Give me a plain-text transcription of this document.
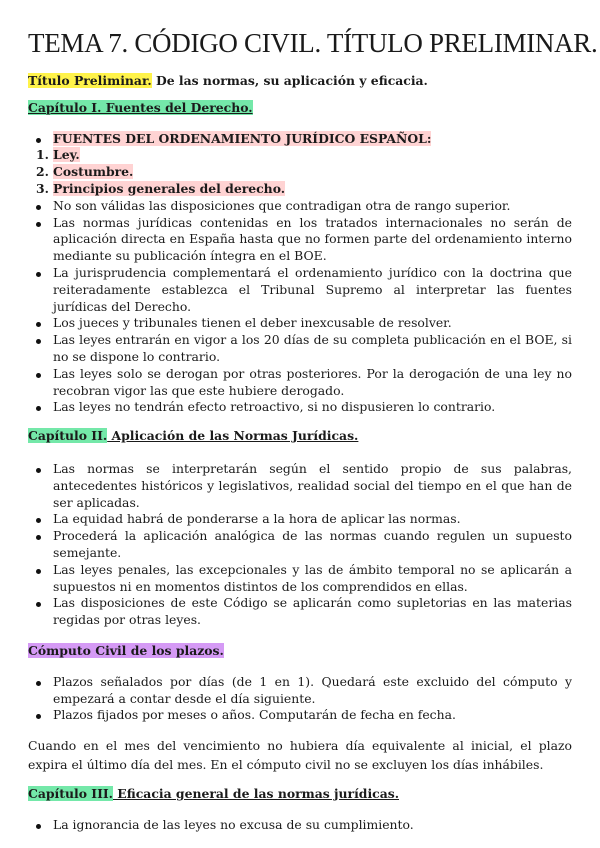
TEMA 7. CÓDIGO CIVIL. TÍTULO PRELIMINAR.

Título Preliminar. De las normas, su aplicación y eficacia.

Capítulo I. Fuentes del Derecho.

FUENTES DEL ORDENAMIENTO JURÍDICO ESPAÑOL:
1. Ley.
2. Costumbre.
3. Principios generales del derecho.
No son válidas las disposiciones que contradigan otra de rango superior.
Las normas jurídicas contenidas en los tratados internacionales no serán de aplicación directa en España hasta que no formen parte del ordenamiento interno mediante su publicación íntegra en el BOE.
La jurisprudencia complementará el ordenamiento jurídico con la doctrina que reiteradamente establezca el Tribunal Supremo al interpretar las fuentes jurídicas del Derecho.
Los jueces y tribunales tienen el deber inexcusable de resolver.
Las leyes entrarán en vigor a los 20 días de su completa publicación en el BOE, si no se dispone lo contrario.
Las leyes solo se derogan por otras posteriores. Por la derogación de una ley no recobran vigor las que este hubiere derogado.
Las leyes no tendrán efecto retroactivo, si no dispusieren lo contrario.

Capítulo II. Aplicación de las Normas Jurídicas.

Las normas se interpretarán según el sentido propio de sus palabras, antecedentes históricos y legislativos, realidad social del tiempo en el que han de ser aplicadas.
La equidad habrá de ponderarse a la hora de aplicar las normas.
Procederá la aplicación analógica de las normas cuando regulen un supuesto semejante.
Las leyes penales, las excepcionales y las de ámbito temporal no se aplicarán a supuestos ni en momentos distintos de los comprendidos en ellas.
Las disposiciones de este Código se aplicarán como supletorias en las materias regidas por otras leyes.

Cómputo Civil de los plazos.

Plazos señalados por días (de 1 en 1). Quedará este excluido del cómputo y empezará a contar desde el día siguiente.
Plazos fijados por meses o años. Computarán de fecha en fecha.

Cuando en el mes del vencimiento no hubiera día equivalente al inicial, el plazo expira el último día del mes. En el cómputo civil no se excluyen los días inhábiles.

Capítulo III. Eficacia general de las normas jurídicas.

La ignorancia de las leyes no excusa de su cumplimiento.
